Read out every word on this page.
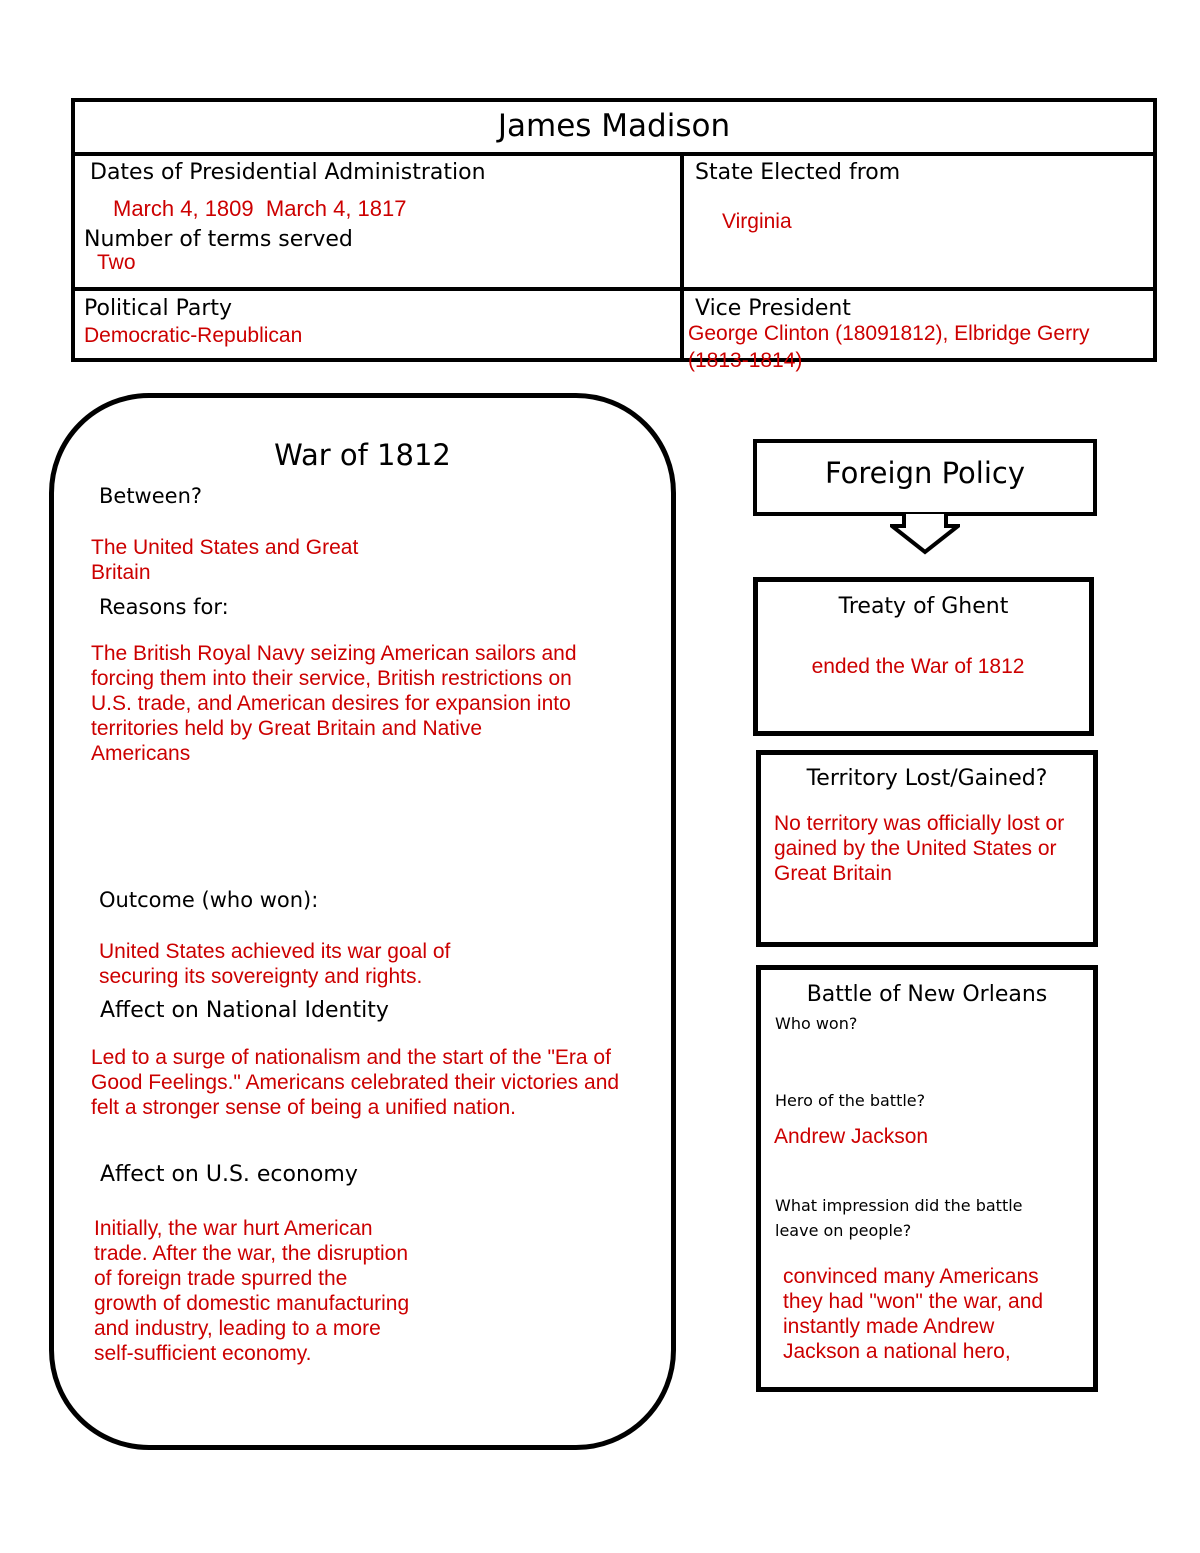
James Madison
Dates of Presidential Administration
March 4, 1809  March 4, 1817
Number of terms served
Two
State Elected from
Virginia
Political Party
Democratic-Republican
Vice President
George Clinton (18091812), Elbridge Gerry (1813-1814)
War of 1812
Between?
The United States and Great Britain
Reasons for:
The British Royal Navy seizing American sailors and forcing them into their service, British restrictions on U.S. trade, and American desires for expansion into territories held by Great Britain and Native Americans
Outcome (who won):
United States achieved its war goal of securing its sovereignty and rights.
Affect on National Identity
Led to a surge of nationalism and the start of the "Era of Good Feelings." Americans celebrated their victories and felt a stronger sense of being a unified nation.
Affect on U.S. economy
Initially, the war hurt American trade. After the war, the disruption of foreign trade spurred the growth of domestic manufacturing and industry, leading to a more self-sufficient economy.
Foreign Policy
Treaty of Ghent
ended the War of 1812
Territory Lost/Gained?
No territory was officially lost or gained by the United States or Great Britain
Battle of New Orleans
Who won?
Hero of the battle?
Andrew Jackson
What impression did the battle leave on people?
convinced many Americans they had "won" the war, and instantly made Andrew Jackson a national hero,
